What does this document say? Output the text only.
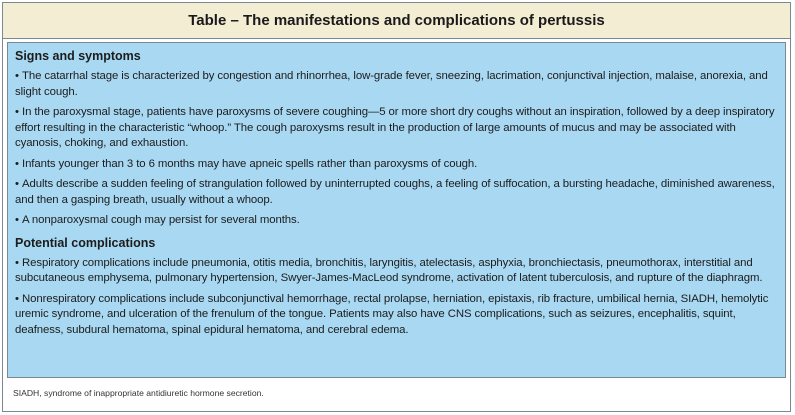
Table – The manifestations and complications of pertussis
Signs and symptoms
• The catarrhal stage is characterized by congestion and rhinorrhea, low-grade fever, sneezing, lacrimation, conjunctival injection, malaise, anorexia, and slight cough.
• In the paroxysmal stage, patients have paroxysms of severe coughing—5 or more short dry coughs without an inspiration, followed by a deep inspiratory effort resulting in the characteristic “whoop.” The cough paroxysms result in the production of large amounts of mucus and may be associated with cyanosis, choking, and exhaustion.
• Infants younger than 3 to 6 months may have apneic spells rather than paroxysms of cough.
• Adults describe a sudden feeling of strangulation followed by uninterrupted coughs, a feeling of suffocation, a bursting headache, diminished awareness, and then a gasping breath, usually without a whoop.
• A nonparoxysmal cough may persist for several months.
Potential complications
• Respiratory complications include pneumonia, otitis media, bronchitis, laryngitis, atelectasis, asphyxia, bronchiectasis, pneumothorax, interstitial and subcutaneous emphysema, pulmonary hypertension, Swyer-James-MacLeod syndrome, activation of latent tuberculosis, and rupture of the diaphragm.
• Nonrespiratory complications include subconjunctival hemorrhage, rectal prolapse, herniation, epistaxis, rib fracture, umbilical hernia, SIADH, hemolytic uremic syndrome, and ulceration of the frenulum of the tongue. Patients may also have CNS complications, such as seizures, encephalitis, squint, deafness, subdural hematoma, spinal epidural hematoma, and cerebral edema.
SIADH, syndrome of inappropriate antidiuretic hormone secretion.
